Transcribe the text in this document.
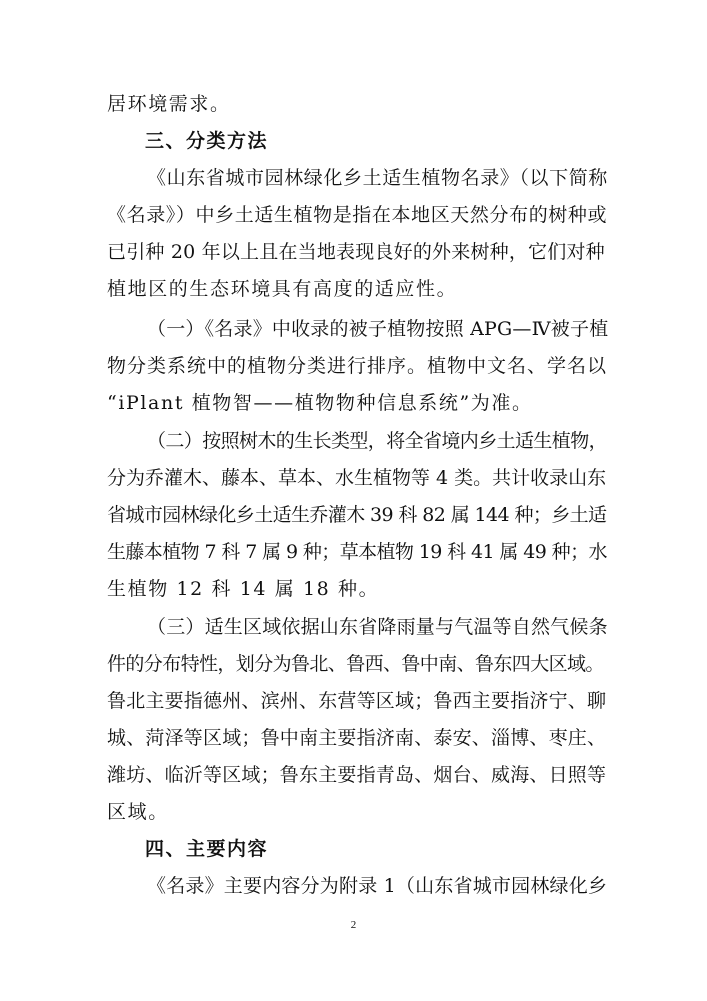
居环境需求。
三、分类方法
《山东省城市园林绿化乡土适生植物名录》（以下简称
《名录》）中乡土适生植物是指在本地区天然分布的树种或
已引种 20 年以上且在当地表现良好的外来树种，它们对种
植地区的生态环境具有高度的适应性。
（一）《名录》中收录的被子植物按照 APG—Ⅳ被子植
物分类系统中的植物分类进行排序。植物中文名、学名以
“iPlant 植物智——植物物种信息系统”为准。
（二）按照树木的生长类型，将全省境内乡土适生植物，
分为乔灌木、藤本、草本、水生植物等 4 类。共计收录山东
省城市园林绿化乡土适生乔灌木 39 科 82 属 144 种；乡土适
生藤本植物 7 科 7 属 9 种；草本植物 19 科 41 属 49 种；水
生植物 12 科 14 属 18 种。
（三）适生区域依据山东省降雨量与气温等自然气候条
件的分布特性，划分为鲁北、鲁西、鲁中南、鲁东四大区域。
鲁北主要指德州、滨州、东营等区域；鲁西主要指济宁、聊
城、菏泽等区域；鲁中南主要指济南、泰安、淄博、枣庄、
潍坊、临沂等区域；鲁东主要指青岛、烟台、威海、日照等
区域。
四、主要内容
《名录》主要内容分为附录 1（山东省城市园林绿化乡
2
